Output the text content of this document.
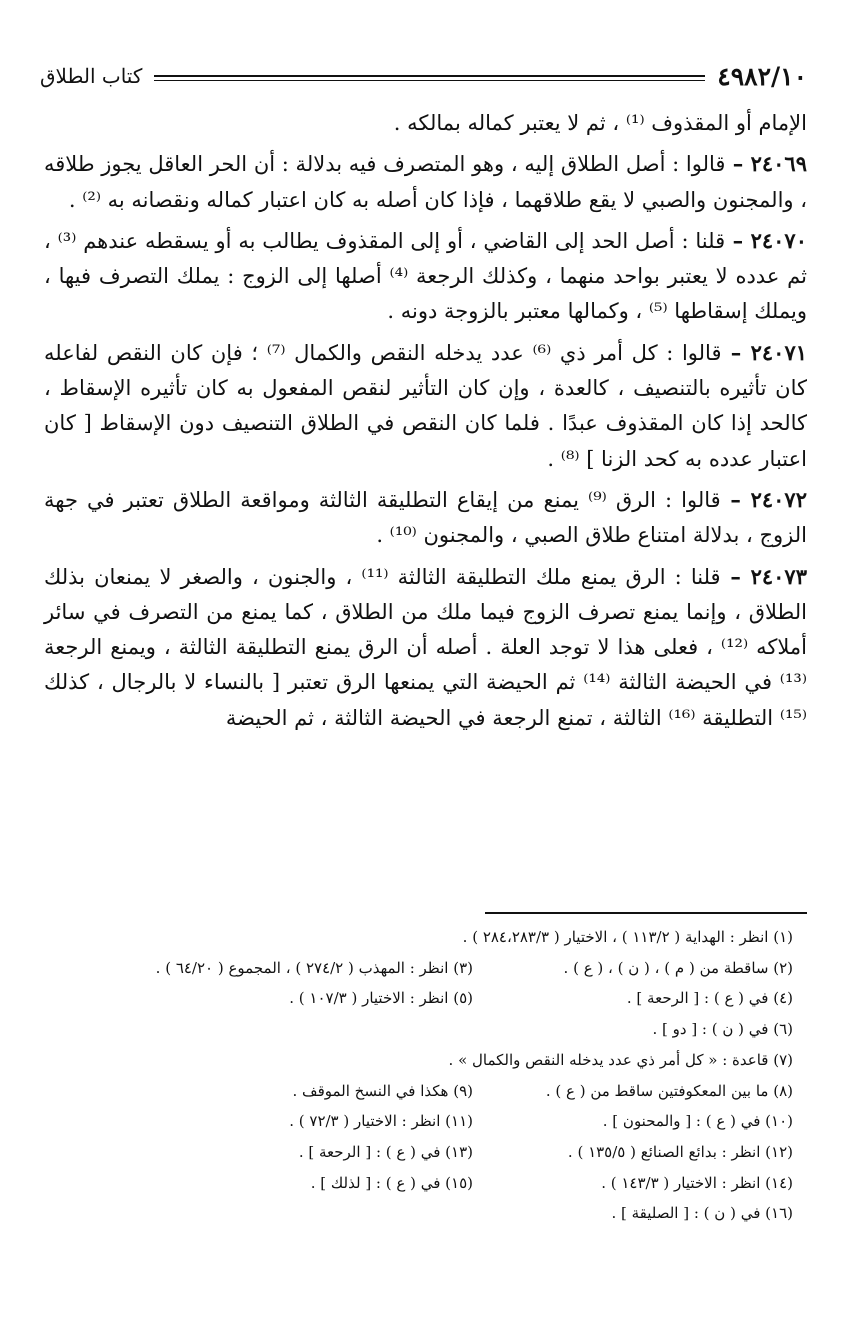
٤٩٨٢/١٠
كتاب الطلاق

الإمام أو المقذوف ⁽¹⁾ ، ثم لا يعتبر كماله بمالكه .

٢٤٠٦٩ – قالوا : أصل الطلاق إليه ، وهو المتصرف فيه بدلالة : أن الحر العاقل يجوز طلاقه ، والمجنون والصبي لا يقع طلاقهما ، فإذا كان أصله به كان اعتبار كماله ونقصانه به ⁽²⁾ .

٢٤٠٧٠ – قلنا : أصل الحد إلى القاضي ، أو إلى المقذوف يطالب به أو يسقطه عندهم ⁽³⁾ ، ثم عدده لا يعتبر بواحد منهما ، وكذلك الرجعة ⁽⁴⁾ أصلها إلى الزوج : يملك التصرف فيها ، ويملك إسقاطها ⁽⁵⁾ ، وكمالها معتبر بالزوجة دونه .

٢٤٠٧١ – قالوا : كل أمر ذي ⁽⁶⁾ عدد يدخله النقص والكمال ⁽⁷⁾ ؛ فإن كان النقص لفاعله كان تأثيره بالتنصيف ، كالعدة ، وإن كان التأثير لنقص المفعول به كان تأثيره الإسقاط ، كالحد إذا كان المقذوف عبدًا . فلما كان النقص في الطلاق التنصيف دون الإسقاط [ كان اعتبار عدده به كحد الزنا ] ⁽⁸⁾ .

٢٤٠٧٢ – قالوا : الرق ⁽⁹⁾ يمنع من إيقاع التطليقة الثالثة ومواقعة الطلاق تعتبر في جهة الزوج ، بدلالة امتناع طلاق الصبي ، والمجنون ⁽¹⁰⁾ .

٢٤٠٧٣ – قلنا : الرق يمنع ملك التطليقة الثالثة ⁽¹¹⁾ ، والجنون ، والصغر لا يمنعان بذلك الطلاق ، وإنما يمنع تصرف الزوج فيما ملك من الطلاق ، كما يمنع من التصرف في سائر أملاكه ⁽¹²⁾ ، فعلى هذا لا توجد العلة . أصله أن الرق يمنع التطليقة الثالثة ، ويمنع الرجعة ⁽¹³⁾ في الحيضة الثالثة ⁽¹⁴⁾ ثم الحيضة التي يمنعها الرق تعتبر [ بالنساء لا بالرجال ، كذلك ⁽¹⁵⁾ التطليقة ⁽¹⁶⁾ الثالثة ، تمنع الرجعة في الحيضة الثالثة ، ثم الحيضة

(١) انظر : الهداية ( ١١٣/٢ ) ، الاختيار ( ٢٨٤،٢٨٣/٣ ) .
(٢) ساقطة من ( م ) ، ( ن ) ، ( ع ) .
(٣) انظر : المهذب ( ٢٧٤/٢ ) ، المجموع ( ٦٤/٢٠ ) .
(٤) في ( ع ) : [ الرحعة ] .
(٥) انظر : الاختيار ( ١٠٧/٣ ) .
(٦) في ( ن ) : [ دو ] .
(٧) قاعدة : « كل أمر ذي عدد يدخله النقص والكمال » .
(٨) ما بين المعكوفتين ساقط من ( ع ) .
(٩) هكذا في النسخ الموقف .
(١٠) في ( ع ) : [ والمحنون ] .
(١١) انظر : الاختيار ( ٧٢/٣ ) .
(١٢) انظر : بدائع الصنائع ( ١٣٥/٥ ) .
(١٣) في ( ع ) : [ الرحعة ] .
(١٤) انظر : الاختيار ( ١٤٣/٣ ) .
(١٥) في ( ع ) : [ لذلك ] .
(١٦) في ( ن ) : [ الصليقة ] .
